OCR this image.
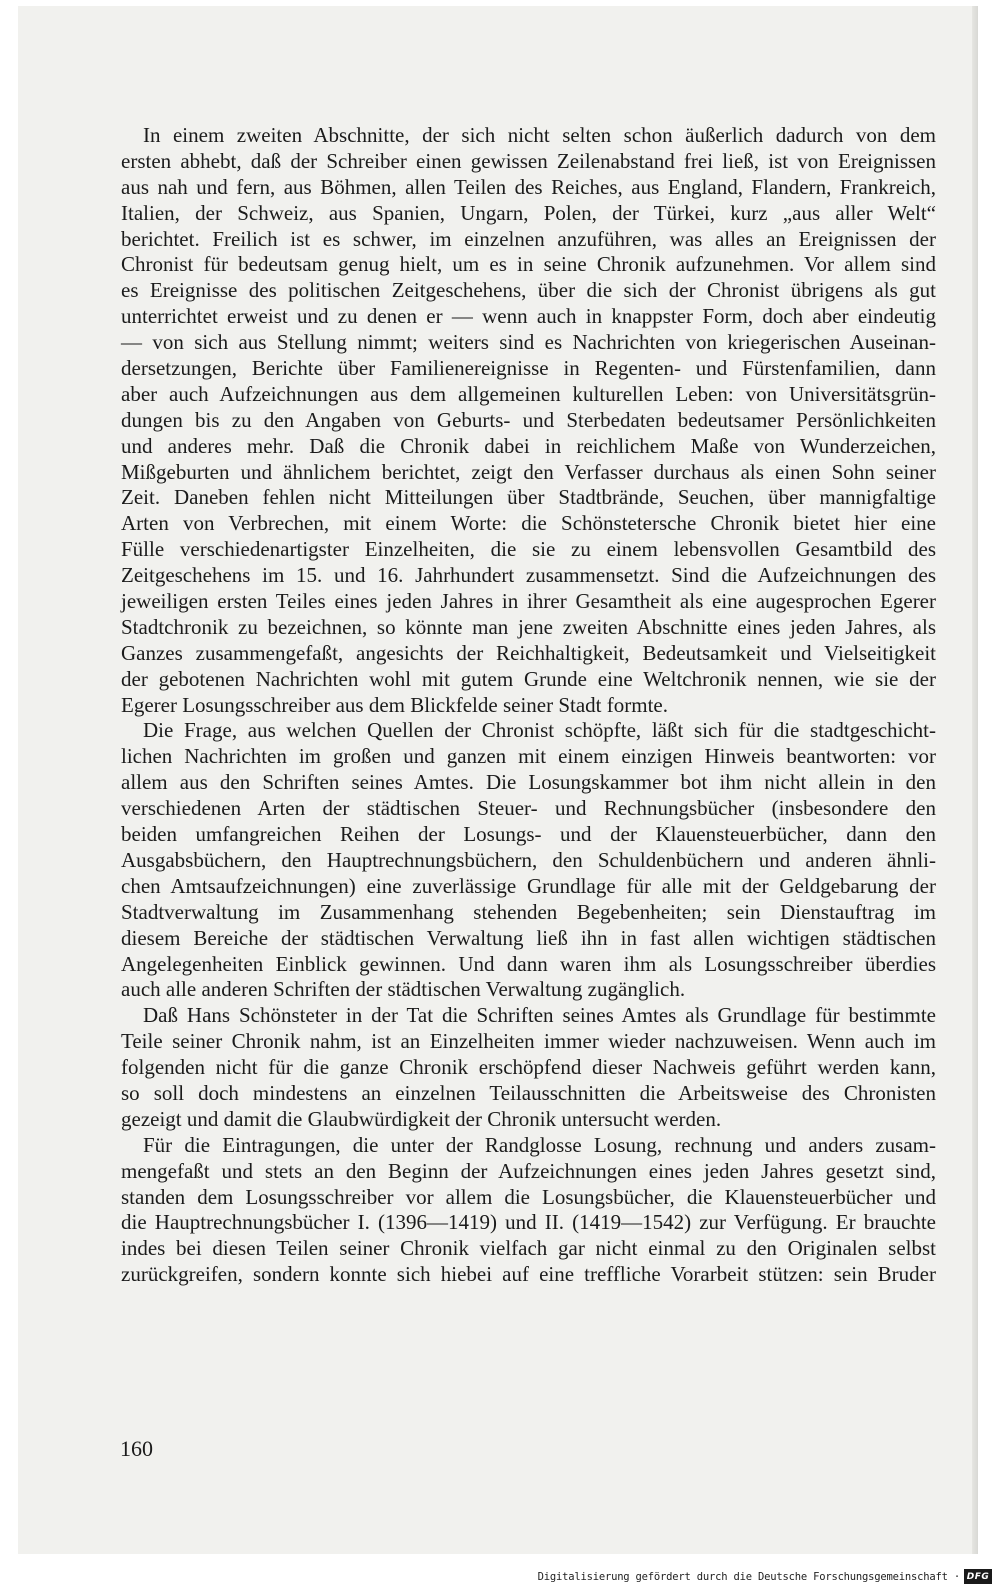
In einem zweiten Abschnitte, der sich nicht selten schon äußerlich dadurch von dem
ersten abhebt, daß der Schreiber einen gewissen Zeilenabstand frei ließ, ist von Ereignissen
aus nah und fern, aus Böhmen, allen Teilen des Reiches, aus England, Flandern, Frankreich,
Italien, der Schweiz, aus Spanien, Ungarn, Polen, der Türkei, kurz „aus aller Welt“
berichtet. Freilich ist es schwer, im einzelnen anzuführen, was alles an Ereignissen der
Chronist für bedeutsam genug hielt, um es in seine Chronik aufzunehmen. Vor allem sind
es Ereignisse des politischen Zeitgeschehens, über die sich der Chronist übrigens als gut
unterrichtet erweist und zu denen er — wenn auch in knappster Form, doch aber eindeutig
— von sich aus Stellung nimmt; weiters sind es Nachrichten von kriegerischen Auseinan-
dersetzungen, Berichte über Familienereignisse in Regenten- und Fürstenfamilien, dann
aber auch Aufzeichnungen aus dem allgemeinen kulturellen Leben: von Universitätsgrün-
dungen bis zu den Angaben von Geburts- und Sterbedaten bedeutsamer Persönlichkeiten
und anderes mehr. Daß die Chronik dabei in reichlichem Maße von Wunderzeichen,
Mißgeburten und ähnlichem berichtet, zeigt den Verfasser durchaus als einen Sohn seiner
Zeit. Daneben fehlen nicht Mitteilungen über Stadtbrände, Seuchen, über mannigfaltige
Arten von Verbrechen, mit einem Worte: die Schönstetersche Chronik bietet hier eine
Fülle verschiedenartigster Einzelheiten, die sie zu einem lebensvollen Gesamtbild des
Zeitgeschehens im 15. und 16. Jahrhundert zusammensetzt. Sind die Aufzeichnungen des
jeweiligen ersten Teiles eines jeden Jahres in ihrer Gesamtheit als eine augesprochen Egerer
Stadtchronik zu bezeichnen, so könnte man jene zweiten Abschnitte eines jeden Jahres, als
Ganzes zusammengefaßt, angesichts der Reichhaltigkeit, Bedeutsamkeit und Vielseitigkeit
der gebotenen Nachrichten wohl mit gutem Grunde eine Weltchronik nennen, wie sie der
Egerer Losungsschreiber aus dem Blickfelde seiner Stadt formte.
Die Frage, aus welchen Quellen der Chronist schöpfte, läßt sich für die stadtgeschicht-
lichen Nachrichten im großen und ganzen mit einem einzigen Hinweis beantworten: vor
allem aus den Schriften seines Amtes. Die Losungskammer bot ihm nicht allein in den
verschiedenen Arten der städtischen Steuer- und Rechnungsbücher (insbesondere den
beiden umfangreichen Reihen der Losungs- und der Klauensteuerbücher, dann den
Ausgabsbüchern, den Hauptrechnungsbüchern, den Schuldenbüchern und anderen ähnli-
chen Amtsaufzeichnungen) eine zuverlässige Grundlage für alle mit der Geldgebarung der
Stadtverwaltung im Zusammenhang stehenden Begebenheiten; sein Dienstauftrag im
diesem Bereiche der städtischen Verwaltung ließ ihn in fast allen wichtigen städtischen
Angelegenheiten Einblick gewinnen. Und dann waren ihm als Losungsschreiber überdies
auch alle anderen Schriften der städtischen Verwaltung zugänglich.
Daß Hans Schönsteter in der Tat die Schriften seines Amtes als Grundlage für bestimmte
Teile seiner Chronik nahm, ist an Einzelheiten immer wieder nachzuweisen. Wenn auch im
folgenden nicht für die ganze Chronik erschöpfend dieser Nachweis geführt werden kann,
so soll doch mindestens an einzelnen Teilausschnitten die Arbeitsweise des Chronisten
gezeigt und damit die Glaubwürdigkeit der Chronik untersucht werden.
Für die Eintragungen, die unter der Randglosse Losung, rechnung und anders zusam-
mengefaßt und stets an den Beginn der Aufzeichnungen eines jeden Jahres gesetzt sind,
standen dem Losungsschreiber vor allem die Losungsbücher, die Klauensteuerbücher und
die Hauptrechnungsbücher I. (1396—1419) und II. (1419—1542) zur Verfügung. Er brauchte
indes bei diesen Teilen seiner Chronik vielfach gar nicht einmal zu den Originalen selbst
zurückgreifen, sondern konnte sich hiebei auf eine treffliche Vorarbeit stützen: sein Bruder
160
Digitalisierung gefördert durch die Deutsche Forschungsgemeinschaft · DFG
